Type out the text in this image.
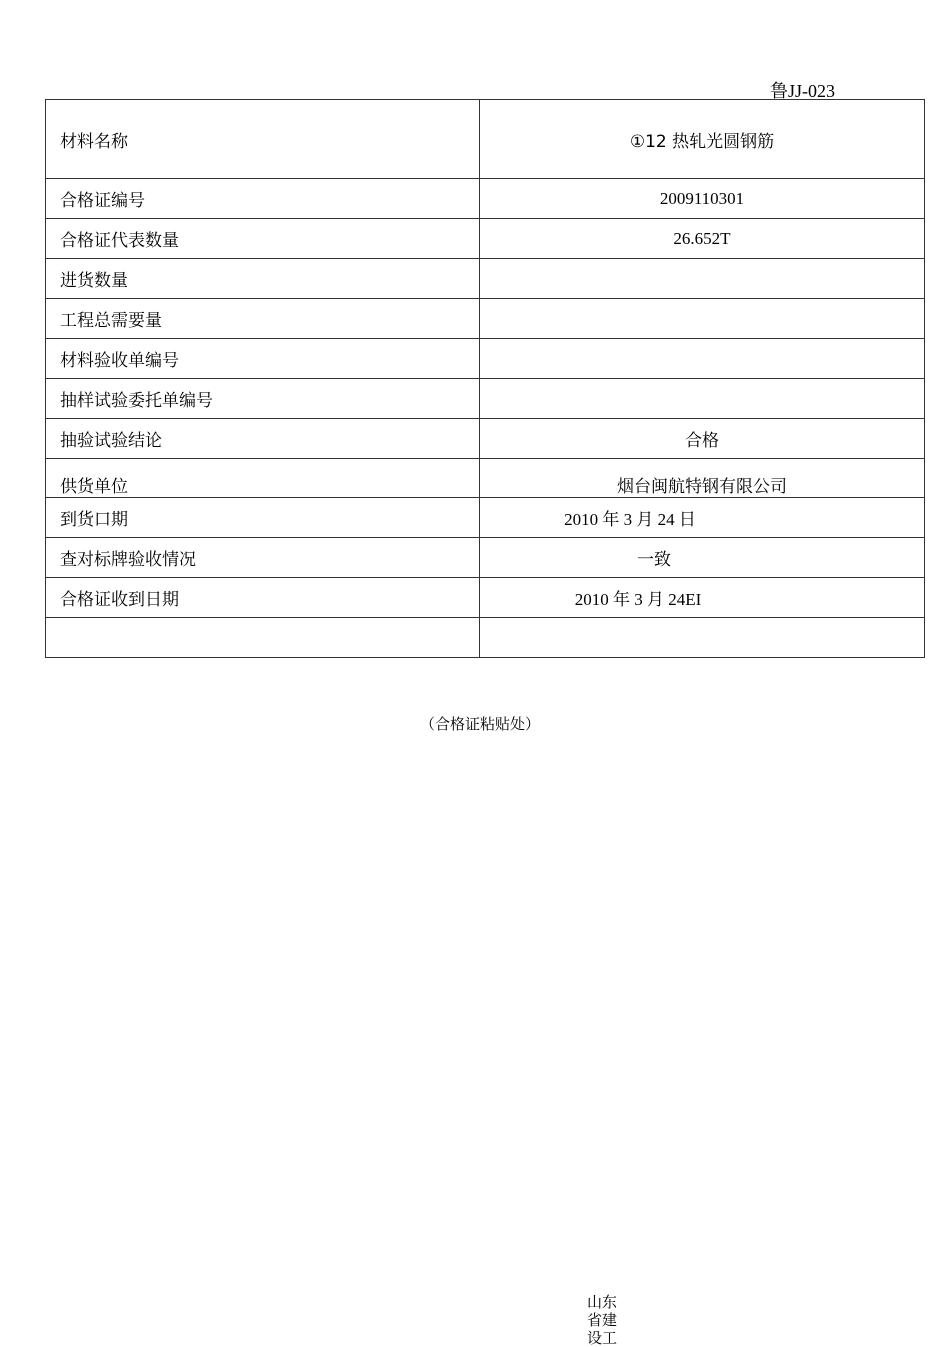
鲁JJ-023
材料名称	①12 热轧光圆钢筋
合格证编号	2009110301
合格证代表数量	26.652T
进货数量	
工程总需要量	
材料验收单编号	
抽样试验委托单编号	
抽验试验结论	合格
供货单位	烟台闽航特钢有限公司
到货口期	2010 年 3 月 24 日
查对标牌验收情况	一致
合格证收到日期	2010 年 3 月 24EI

（合格证粘贴处）
山东省建设工
